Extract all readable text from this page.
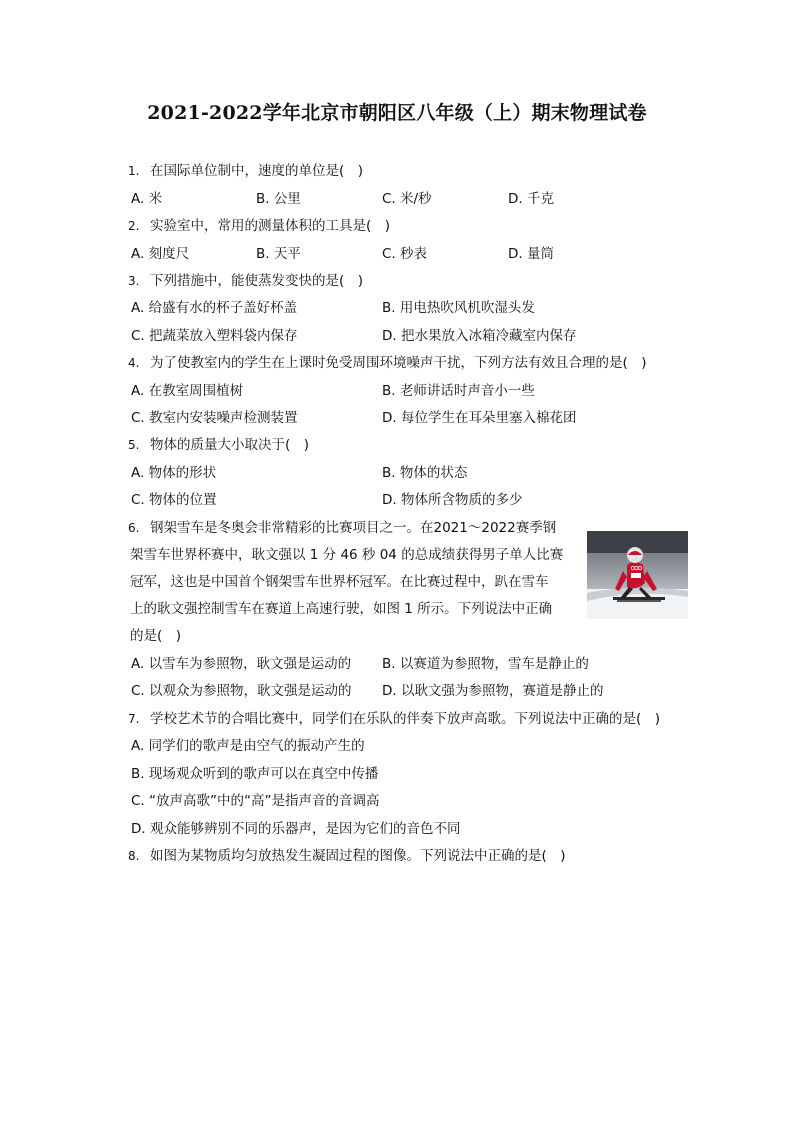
2021-2022学年北京市朝阳区八年级（上）期末物理试卷
1. 在国际单位制中，速度的单位是(　)
A. 米	B. 公里	C. 米/秒	D. 千克
2. 实验室中，常用的测量体积的工具是(　)
A. 刻度尺	B. 天平	C. 秒表	D. 量筒
3. 下列措施中，能使蒸发变快的是(　)
A. 给盛有水的杯子盖好杯盖	B. 用电热吹风机吹湿头发
C. 把蔬菜放入塑料袋内保存	D. 把水果放入冰箱冷藏室内保存
4. 为了使教室内的学生在上课时免受周围环境噪声干扰，下列方法有效且合理的是(　)
A. 在教室周围植树	B. 老师讲话时声音小一些
C. 教室内安装噪声检测装置	D. 每位学生在耳朵里塞入棉花团
5. 物体的质量大小取决于(　)
A. 物体的形状	B. 物体的状态
C. 物体的位置	D. 物体所含物质的多少
6. 钢架雪车是冬奥会非常精彩的比赛项目之一。在2021～2022赛季钢
架雪车世界杯赛中，耿文强以 1 分 46 秒 04 的总成绩获得男子单人比赛
冠军，这也是中国首个钢架雪车世界杯冠军。在比赛过程中，趴在雪车
上的耿文强控制雪车在赛道上高速行驶，如图 1 所示。下列说法中正确
的是(　)
A. 以雪车为参照物，耿文强是运动的 B. 以赛道为参照物，雪车是静止的
C. 以观众为参照物，耿文强是运动的 D. 以耿文强为参照物，赛道是静止的
7. 学校艺术节的合唱比赛中，同学们在乐队的伴奏下放声高歌。下列说法中正确的是(　)
A. 同学们的歌声是由空气的振动产生的
B. 现场观众听到的歌声可以在真空中传播
C. “放声高歌”中的“高”是指声音的音调高
D. 观众能够辨别不同的乐器声，是因为它们的音色不同
8. 如图为某物质均匀放热发生凝固过程的图像。下列说法中正确的是(　)
